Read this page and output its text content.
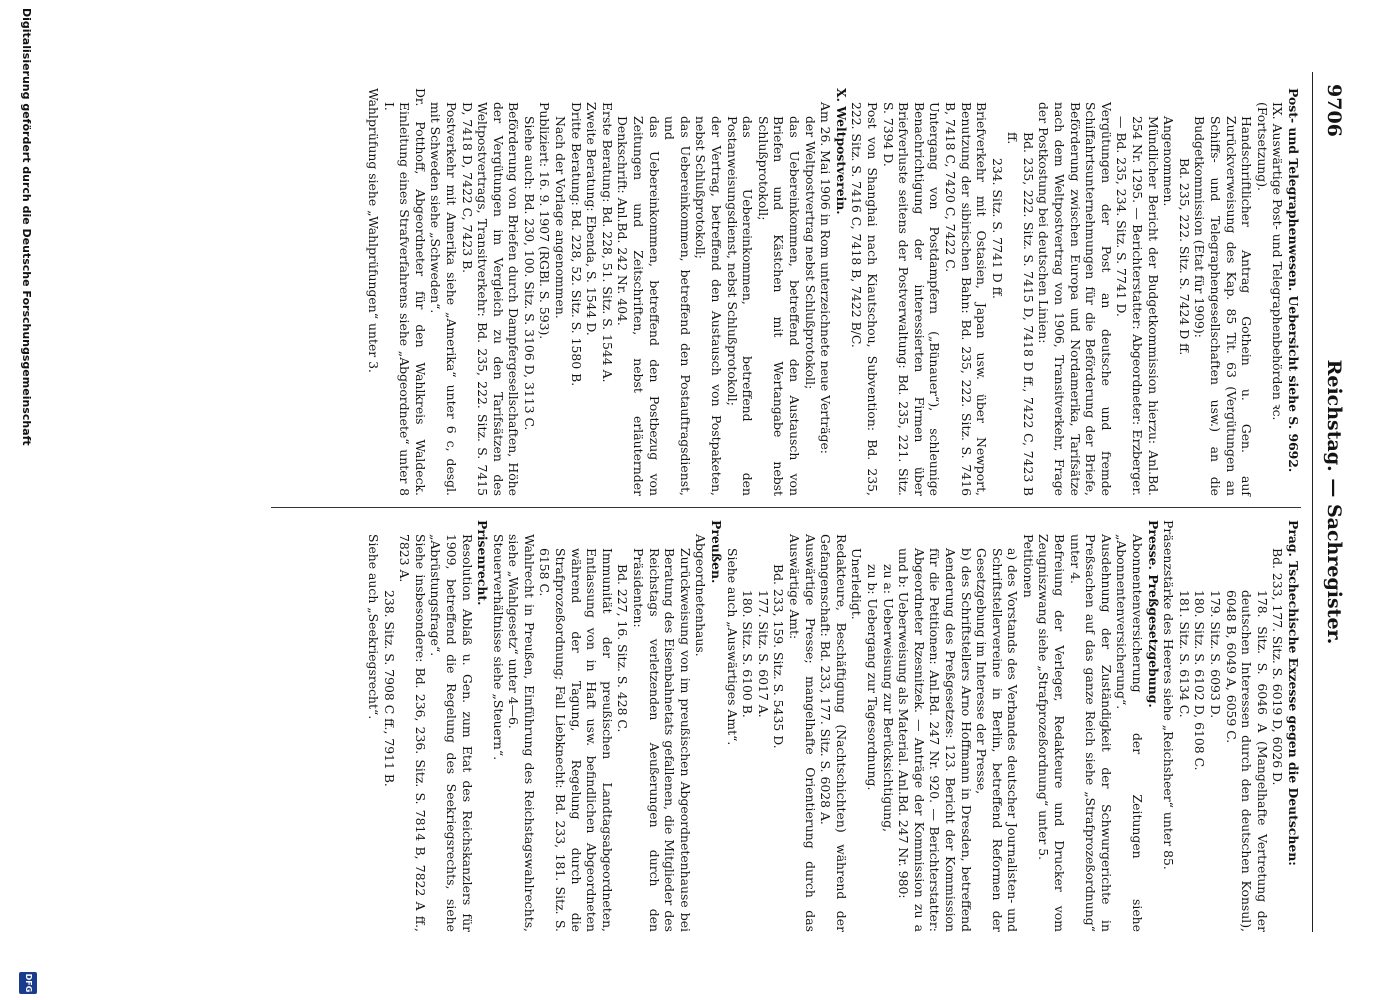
9706
Reichstag. — Sachregister.

Post- und Telegraphenwesen. Uebersicht siehe S. 9692.

IX. Auswärtige Post- und Telegraphenbehörden ꝛc.

(Fortsetzung).

Handschriftlicher Antrag Gothein u. Gen. auf Zurückverweisung des Kap. 85 Tit. 63 (Vergütungen an Schiffs- und Telegraphengesellschaften usw.) an die Budgetkommission (Etat für 1909):

Bd. 235, 222. Sitz. S. 7424 D ff.

Angenommen.

Mündlicher Bericht der Budgetkommission hierzu: Anl.Bd. 254 Nr. 1295. — Berichterstatter: Abgeordneter: Erzberger. — Bd. 235, 234. Sitz. S. 7741 D.

Vergütungen der Post an deutsche und fremde Schiffahrtsunternehmungen für die Beförderung der Briefe, Beförderung zwischen Europa und Nordamerika, Tarifsätze nach dem Weltpostvertrag von 1906, Transitverkehr, Frage der Postkostung bei deutschen Linien:

Bd. 235, 222. Sitz. S. 7415 D, 7418 D ff., 7422 C, 7423 B ff.

234. Sitz. S. 7741 D ff.

Briefverkehr mit Ostasien, Japan usw. über Newport, Benutzung der sibirischen Bahn: Bd. 235, 222. Sitz. S. 7416 B, 7418 C, 7420 C, 7422 C.

Untergang von Postdampfern („Bünauer“), schleunige Benachrichtigung der interessierten Firmen über Briefverluste seitens der Postverwaltung: Bd. 235, 221. Sitz. S. 7394 D.

Post von Shanghai nach Kiautschou, Subvention: Bd. 235, 222. Sitz. S. 7416 C, 7418 B, 7422 B/C.

X. Weltpostverein.

Am 26. Mai 1906 in Rom unterzeichnete neue Verträge:

der Weltpostvertrag nebst Schlußprotokoll;

das Uebereinkommen, betreffend den Austausch von Briefen und Kästchen mit Wertangabe nebst Schlußprotokoll;

das Uebereinkommen, betreffend den Postanweisungsdienst, nebst Schlußprotokoll;

der Vertrag, betreffend den Austausch von Postpaketen, nebst Schlußprotokoll;

das Uebereinkommen, betreffend den Postauftragsdienst, und

das Uebereinkommen, betreffend den Postbezug von Zeitungen und Zeitschriften, nebst erläuternder Denkschrift: Anl.Bd. 242 Nr. 404.

Erste Beratung: Bd. 228, 51. Sitz. S. 1544 A.

Zweite Beratung: Ebenda, S. 1544 D.

Dritte Beratung: Bd. 228, 52. Sitz. S. 1580 B.

Nach der Vorlage angenommen.

Publiziert: 16. 9. 1907 (RGBl. S. 593).

Siehe auch: Bd. 230, 100. Sitz. S. 3106 D, 3113 C.

Beförderung von Briefen durch Dampfergesellschaften, Höhe der Vergütungen im Vergleich zu den Tarifsätzen des Weltpostvertrags, Transitverkehr: Bd. 235, 222. Sitz. S. 7415 D, 7418 D, 7422 C, 7423 B.

Postverkehr mit Amerika siehe „Amerika“ unter 6 c, desgl. mit Schweden siehe „Schweden“.

Dr. Potthoff, Abgeordneter für den Wahlkreis Waldeck. Einleitung eines Strafverfahrens siehe „Abgeordnete“ unter 8 I.

Wahlprüfung siehe „Wahlprüfungen“ unter 3.

Prag. Tschechische Exzesse gegen die Deutschen:

Bd. 233, 177. Sitz. S. 6019 D, 6026 D.

178. Sitz. S. 6046 A (Mangelhafte Vertretung der deutschen Interessen durch den deutschen Konsul), 6048 B, 6049 A, 6059 C.

179. Sitz. S. 6093 D.

180. Sitz. S. 6102 D, 6108 C.

181. Sitz. S. 6134 C.

Präsenzstärke des Heeres siehe „Reichsheer“ unter 85.

Presse. Preßgesetzgebung.

Abonnentenversicherung der Zeitungen siehe „Abonnentenversicherung“.

Ausdehnung der Zuständigkeit der Schwurgerichte in Preßsachen auf das ganze Reich siehe „Strafprozeßordnung“ unter 4.

Befreiung der Verleger, Redakteure und Drucker vom Zeugniszwang siehe „Strafprozeßordnung“ unter 5.

Petitionen

a) des Vorstands des Verbandes deutscher Journalisten- und Schriftstellervereine in Berlin, betreffend Reformen der Gesetzgebung im Interesse der Presse,

b) des Schriftstellers Arno Hoffmann in Dresden, betreffend Aenderung des Preßgesetzes: 123. Bericht der Kommission für die Petitionen: Anl.Bd. 247 Nr. 920. — Berichterstatter: Abgeordneter Rzesnitzek. — Anträge der Kommission zu a und b: Ueberweisung als Material. Anl.Bd. 247 Nr. 980:

zu a: Ueberweisung zur Berücksichtigung,

zu b: Uebergang zur Tagesordnung.

Unerledigt.

Redakteure, Beschäftigung (Nachtschichten) während der Gefangenschaft: Bd. 233, 177. Sitz. S. 6028 A.

Auswärtige Presse; mangelhafte Orientierung durch das Auswärtige Amt:

Bd. 233, 159. Sitz. S. 5435 D.

177. Sitz. S. 6017 A.

180. Sitz. S. 6100 B.

Siehe auch „Auswärtiges Amt“.

Preußen.

Abgeordnetenhaus.

Zurückweisung von im preußischen Abgeordnetenhause bei Beratung des Eisenbahnetats gefallenen, die Mitglieder des Reichstags verletzenden Aeußerungen durch den Präsidenten:

Bd. 227, 16. Sitz. S. 428 C.

Immunität der preußischen Landtagsabgeordneten, Entlassung von in Haft usw. befindlichen Abgeordneten während der Tagung, Regelung durch die Strafprozeßordnung; Fall Liebknecht: Bd. 233, 181. Sitz. S. 6158 C.

Wahlrecht in Preußen, Einführung des Reichstagswahlrechts, siehe „Wahlgesetz“ unter 4—6.

Steuerverhältnisse siehe „Steuern“.

Prisenrecht.

Resolution Ablaß u. Gen. zum Etat des Reichskanzlers für 1909, betreffend die Regelung des Seekriegsrechts, siehe „Abrüstungsfrage“.

Siehe insbesondere: Bd. 236, 236. Sitz. S. 7814 B, 7822 A ff., 7823 A.

238. Sitz. S. 7908 C ff., 7911 B.

Siehe auch „Seekriegsrecht“.

Digitalisierung gefördert durch die Deutsche Forschungsgemeinschaft
DFG
